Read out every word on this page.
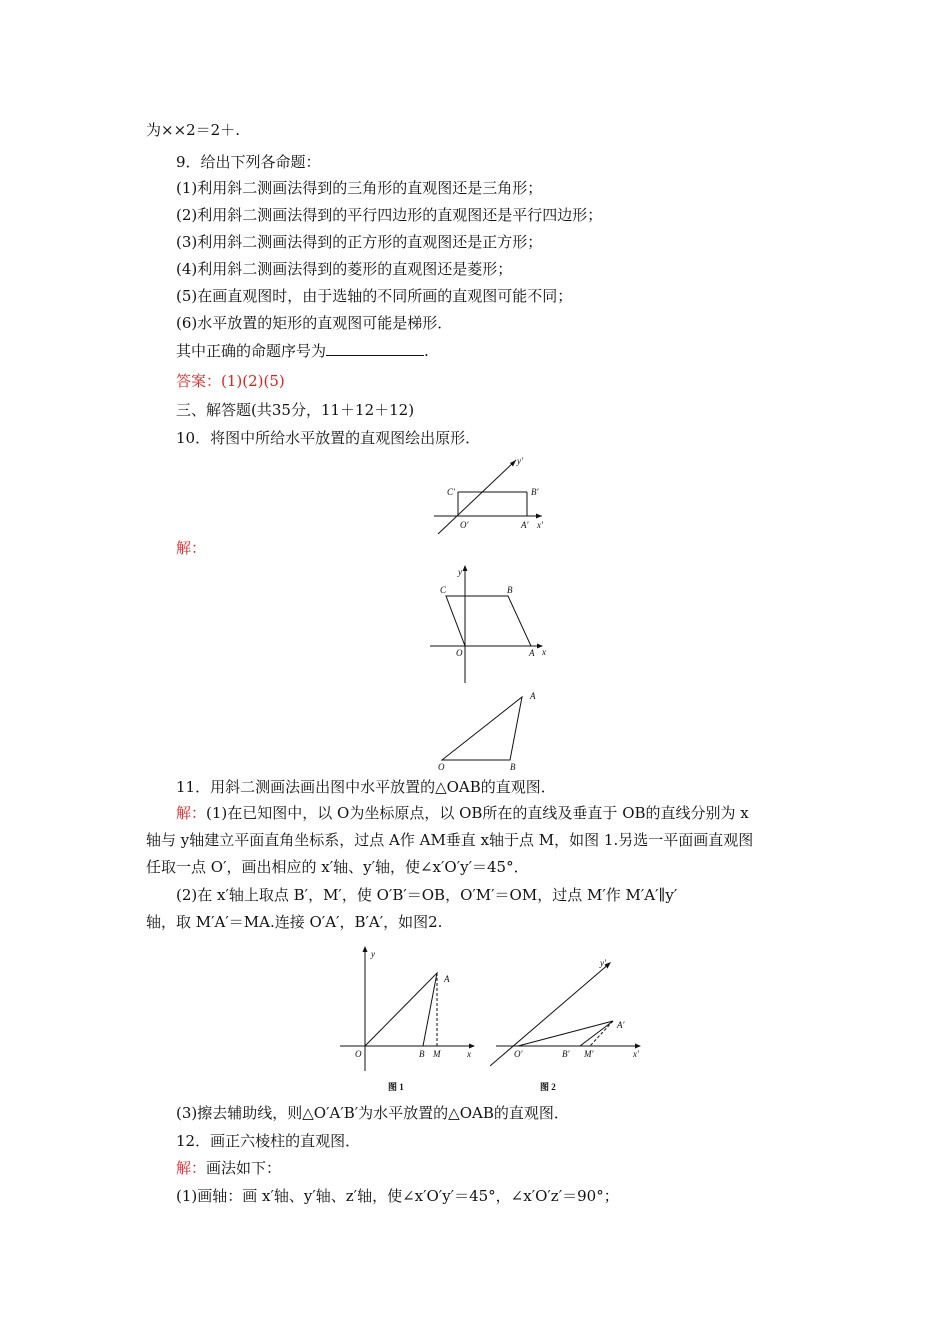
为××2＝2＋.
9．给出下列各命题：
(1)利用斜二测画法得到的三角形的直观图还是三角形；
(2)利用斜二测画法得到的平行四边形的直观图还是平行四边形；
(3)利用斜二测画法得到的正方形的直观图还是正方形；
(4)利用斜二测画法得到的菱形的直观图还是菱形；
(5)在画直观图时，由于选轴的不同所画的直观图可能不同；
(6)水平放置的矩形的直观图可能是梯形．
其中正确的命题序号为	.
答案：(1)(2)(5)
三、解答题(共35分，11＋12＋12)
10．将图中所给水平放置的直观图绘出原形．
C′	B′
O′	A′ x′
y′
解：
y
C	B
O	A x
A
O	B
11．用斜二测画法画出图中水平放置的△OAB的直观图．
解：(1)在已知图中，以 O为坐标原点，以 OB所在的直线及垂直于 OB的直线分别为 x
轴与 y轴建立平面直角坐标系，过点 A作 AM垂直 x轴于点 M，如图 1.另选一平面画直观图
任取一点 O′，画出相应的 x′轴、y′轴，使∠x′O′y′＝45°．
(2)在 x′轴上取点 B′，M′，使 O′B′＝OB，O′M′＝OM，过点 M′作 M′A′∥y′
轴，取 M′A′＝MA.连接 O′A′，B′A′，如图2.
y
A
O	B M	x
图 1
y′
A′
O′	B′ M′	x′
图 2
(3)擦去辅助线，则△O′A′B′为水平放置的△OAB的直观图．
12．画正六棱柱的直观图．
解：画法如下：
(1)画轴：画 x′轴、y′轴、z′轴，使∠x′O′y′＝45°，∠x′O′z′＝90°；
